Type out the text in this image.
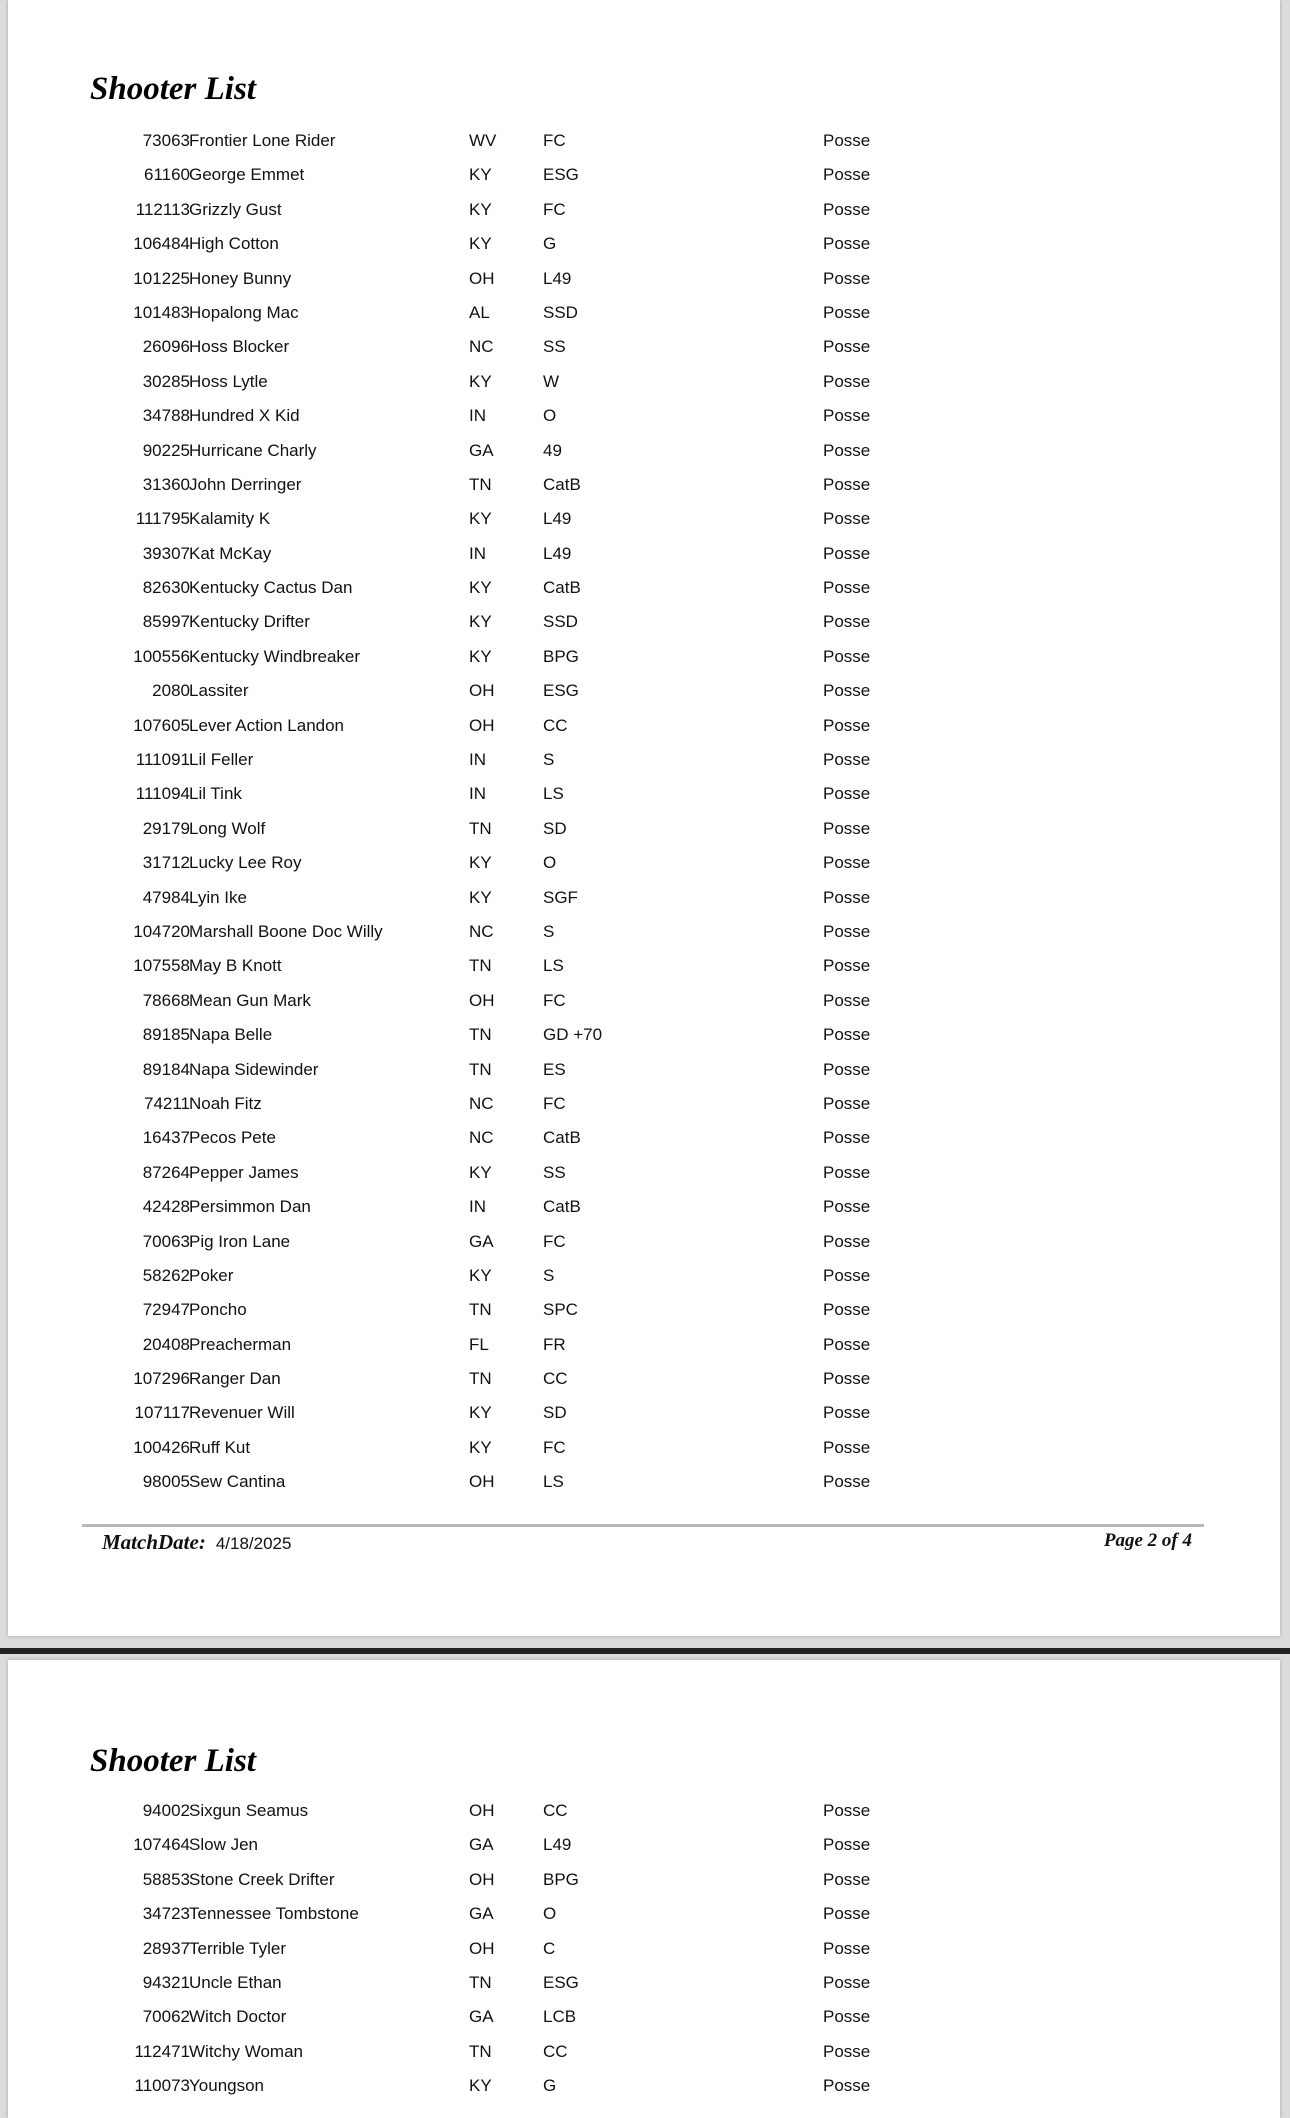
Shooter List
73063 Frontier Lone Rider	WV	FC	Posse
61160 George Emmet	KY	ESG	Posse
112113 Grizzly Gust	KY	FC	Posse
106484 High Cotton	KY	G	Posse
101225 Honey Bunny	OH	L49	Posse
101483 Hopalong Mac	AL	SSD	Posse
26096 Hoss Blocker	NC	SS	Posse
30285 Hoss Lytle	KY	W	Posse
34788 Hundred X Kid	IN	O	Posse
90225 Hurricane Charly	GA	49	Posse
31360 John Derringer	TN	CatB	Posse
111795 Kalamity K	KY	L49	Posse
39307 Kat McKay	IN	L49	Posse
82630 Kentucky Cactus Dan	KY	CatB	Posse
85997 Kentucky Drifter	KY	SSD	Posse
100556 Kentucky Windbreaker	KY	BPG	Posse
2080 Lassiter	OH	ESG	Posse
107605 Lever Action Landon	OH	CC	Posse
111091 Lil Feller	IN	S	Posse
111094 Lil Tink	IN	LS	Posse
29179 Long Wolf	TN	SD	Posse
31712 Lucky Lee Roy	KY	O	Posse
47984 Lyin Ike	KY	SGF	Posse
104720 Marshall Boone Doc Willy	NC	S	Posse
107558 May B Knott	TN	LS	Posse
78668 Mean Gun Mark	OH	FC	Posse
89185 Napa Belle	TN	GD +70	Posse
89184 Napa Sidewinder	TN	ES	Posse
74211 Noah Fitz	NC	FC	Posse
16437 Pecos Pete	NC	CatB	Posse
87264 Pepper James	KY	SS	Posse
42428 Persimmon Dan	IN	CatB	Posse
70063 Pig Iron Lane	GA	FC	Posse
58262 Poker	KY	S	Posse
72947 Poncho	TN	SPC	Posse
20408 Preacherman	FL	FR	Posse
107296 Ranger Dan	TN	CC	Posse
107117 Revenuer Will	KY	SD	Posse
100426 Ruff Kut	KY	FC	Posse
98005 Sew Cantina	OH	LS	Posse
MatchDate: 4/18/2025	Page 2 of 4
Shooter List
94002 Sixgun Seamus	OH	CC	Posse
107464 Slow Jen	GA	L49	Posse
58853 Stone Creek Drifter	OH	BPG	Posse
34723 Tennessee Tombstone	GA	O	Posse
28937 Terrible Tyler	OH	C	Posse
94321 Uncle Ethan	TN	ESG	Posse
70062 Witch Doctor	GA	LCB	Posse
112471 Witchy Woman	TN	CC	Posse
110073 Youngson	KY	G	Posse
